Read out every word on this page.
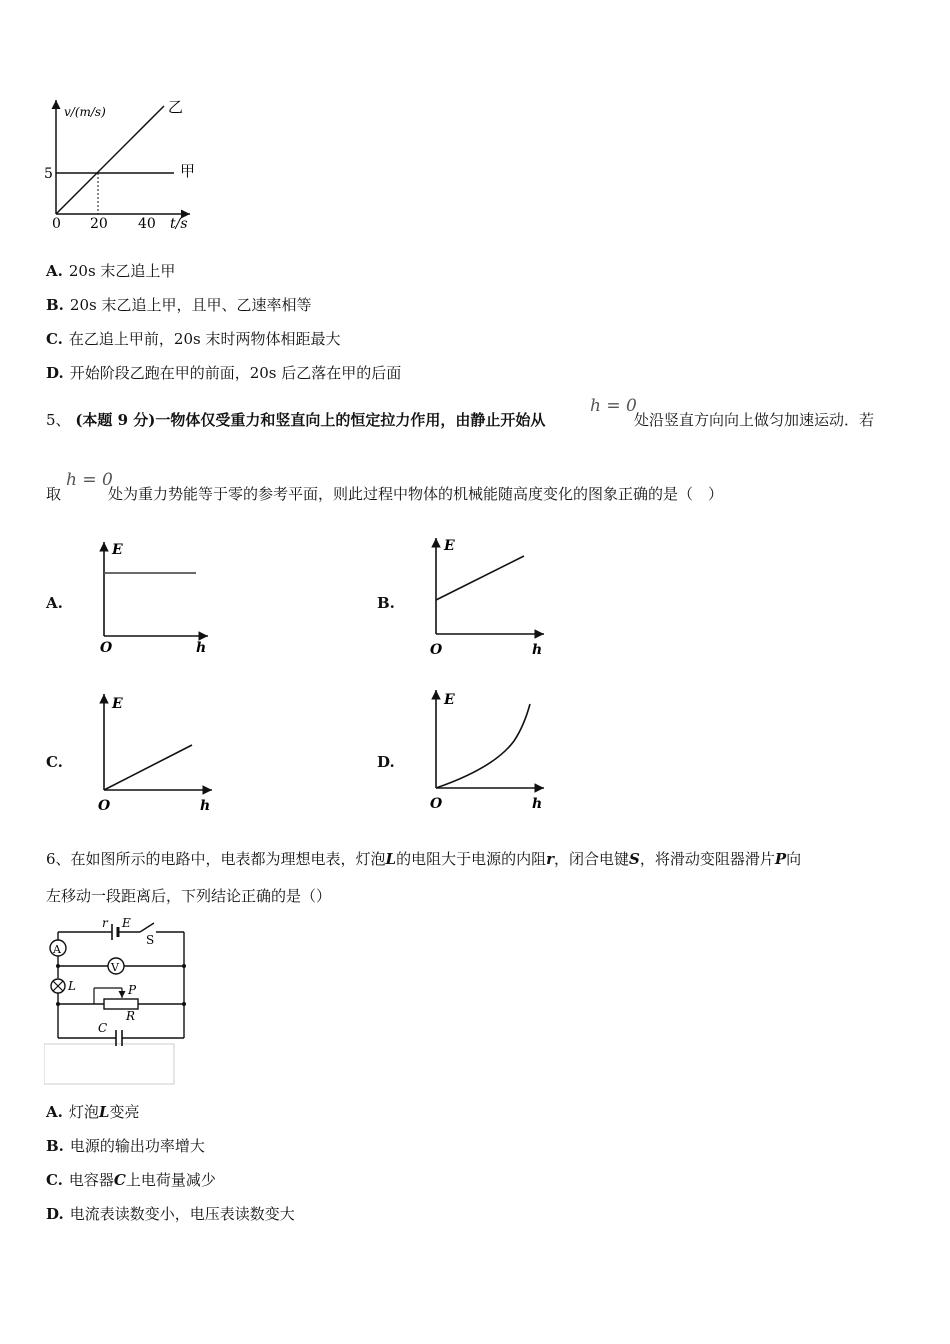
v/(m/s)
t/s
5
0 20 40
乙
甲
A. 20s 末乙追上甲
B. 20s 末乙追上甲，且甲、乙速率相等
C. 在乙追上甲前，20s 末时两物体相距最大
D. 开始阶段乙跑在甲的前面，20s 后乙落在甲的后面
5、 (本题 9 分)一物体仅受重力和竖直向上的恒定拉力作用，由静止开始从
h = 0
处沿竖直方向向上做匀加速运动．若
取
h = 0
处为重力势能等于零的参考平面，则此过程中物体的机械能随高度变化的图象正确的是（　）
A.
E
O	h
B.
E
O	h
C.
E
O	h
D.
E
O	h
6、在如图所示的电路中，电表都为理想电表，灯泡L的电阻大于电源的内阻r，闭合电键S，将滑动变阻器滑片P向
左移动一段距离后，下列结论正确的是（）
r E
S
A
L
V
P
R
C
A. 灯泡L变亮
B. 电源的输出功率增大
C. 电容器C上电荷量减少
D. 电流表读数变小，电压表读数变大
